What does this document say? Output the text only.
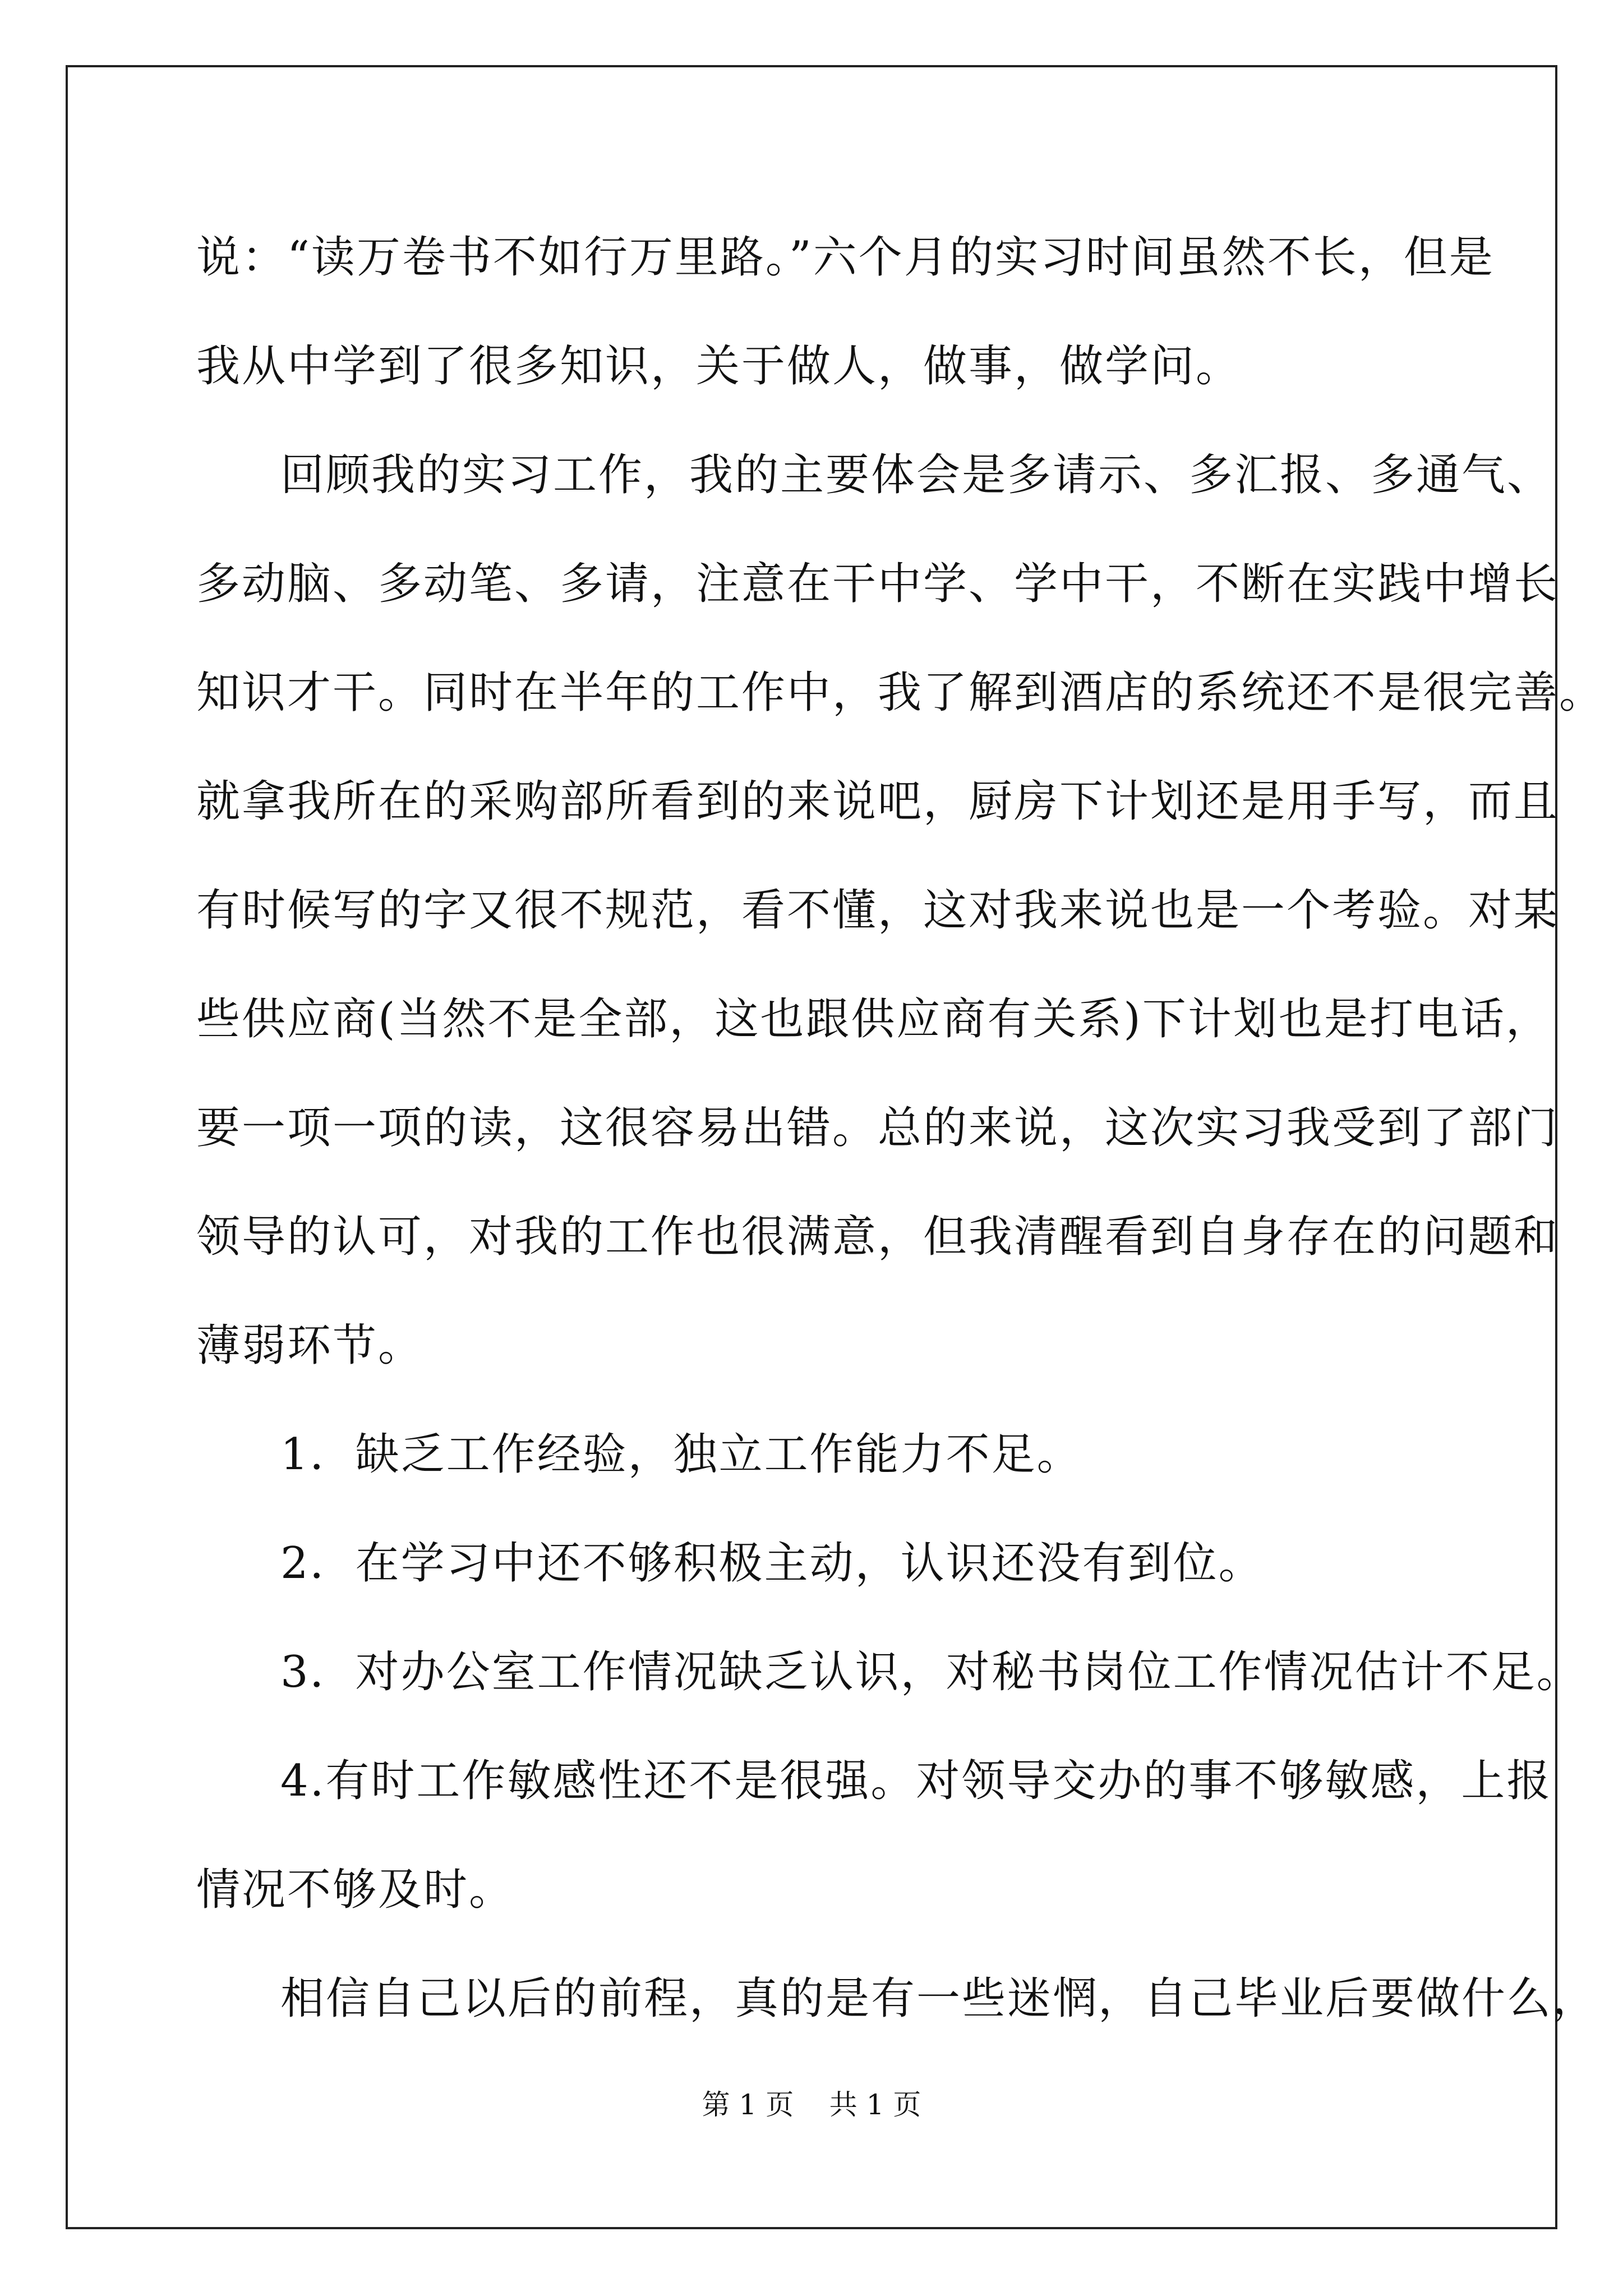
说：“读万卷书不如行万里路。”六个月的实习时间虽然不长，但是
我从中学到了很多知识，关于做人，做事，做学问。
回顾我的实习工作，我的主要体会是多请示、多汇报、多通气、
多动脑、多动笔、多请，注意在干中学、学中干，不断在实践中增长
知识才干。同时在半年的工作中，我了解到酒店的系统还不是很完善。
就拿我所在的采购部所看到的来说吧，厨房下计划还是用手写，而且
有时候写的字又很不规范，看不懂，这对我来说也是一个考验。对某
些供应商(当然不是全部，这也跟供应商有关系)下计划也是打电话，
要一项一项的读，这很容易出错。总的来说，这次实习我受到了部门
领导的认可，对我的工作也很满意，但我清醒看到自身存在的问题和
薄弱环节。
1．缺乏工作经验，独立工作能力不足。
2．在学习中还不够积极主动，认识还没有到位。
3．对办公室工作情况缺乏认识，对秘书岗位工作情况估计不足。
4.有时工作敏感性还不是很强。对领导交办的事不够敏感，上报
情况不够及时。
相信自己以后的前程，真的是有一些迷惘，自己毕业后要做什么，
第 1 页    共 1 页
